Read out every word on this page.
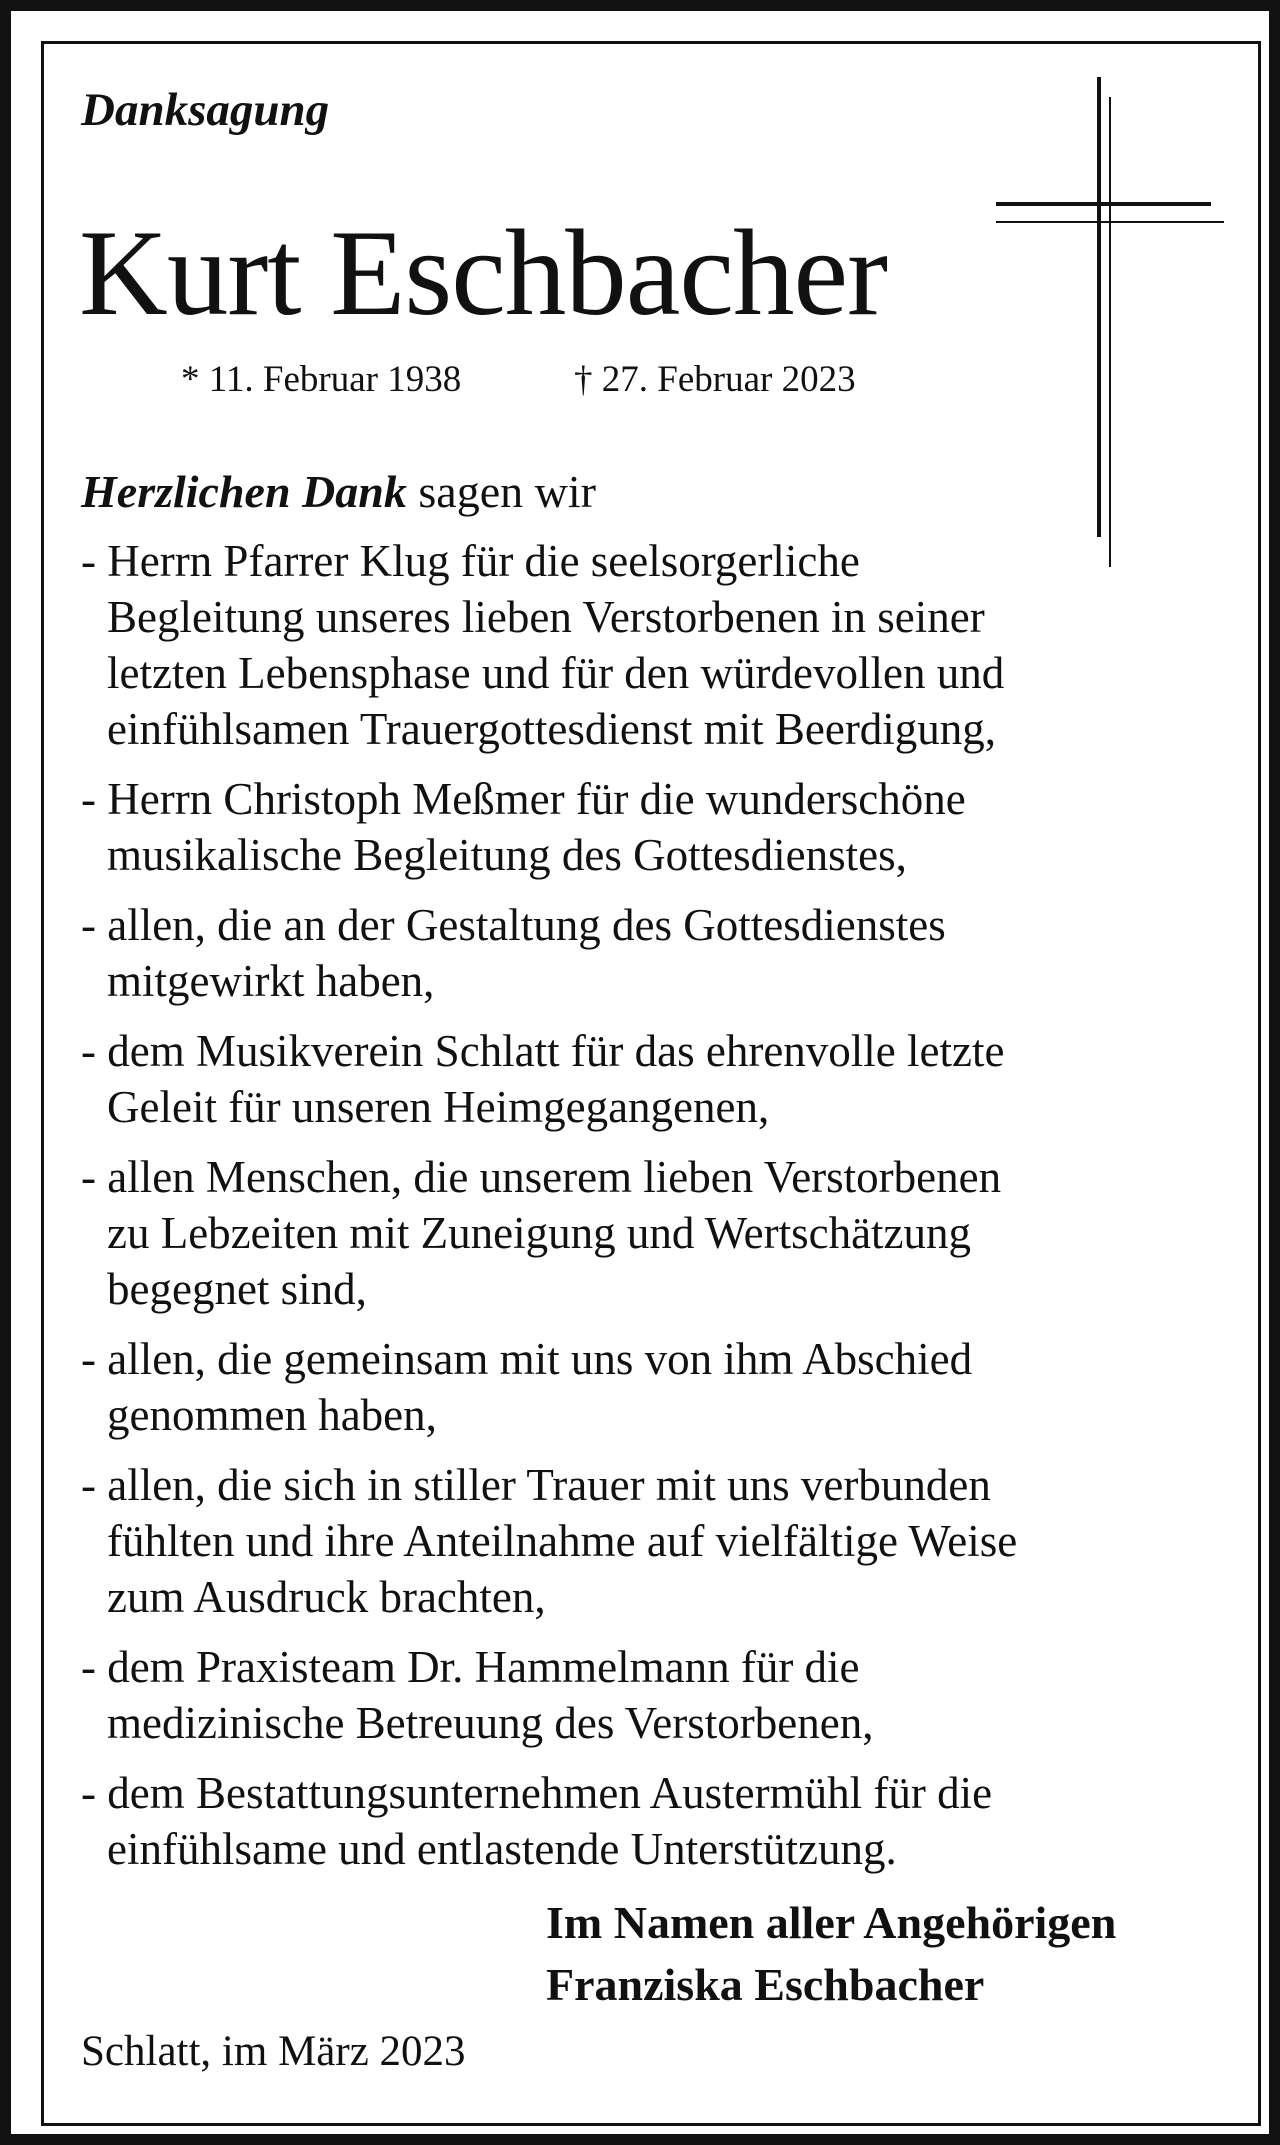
Danksagung
Kurt Eschbacher
* 11. Februar 1938	† 27. Februar 2023
Herzlichen Dank sagen wir
- Herrn Pfarrer Klug für die seelsorgerliche
Begleitung unseres lieben Verstorbenen in seiner
letzten Lebensphase und für den würdevollen und
einfühlsamen Trauergottesdienst mit Beerdigung,
- Herrn Christoph Meßmer für die wunderschöne
musikalische Begleitung des Gottesdienstes,
- allen, die an der Gestaltung des Gottesdienstes
mitgewirkt haben,
- dem Musikverein Schlatt für das ehrenvolle letzte
Geleit für unseren Heimgegangenen,
- allen Menschen, die unserem lieben Verstorbenen
zu Lebzeiten mit Zuneigung und Wertschätzung
begegnet sind,
- allen, die gemeinsam mit uns von ihm Abschied
genommen haben,
- allen, die sich in stiller Trauer mit uns verbunden
fühlten und ihre Anteilnahme auf vielfältige Weise
zum Ausdruck brachten,
- dem Praxisteam Dr. Hammelmann für die
medizinische Betreuung des Verstorbenen,
- dem Bestattungsunternehmen Austermühl für die
einfühlsame und entlastende Unterstützung.
Im Namen aller Angehörigen
Franziska Eschbacher
Schlatt, im März 2023
